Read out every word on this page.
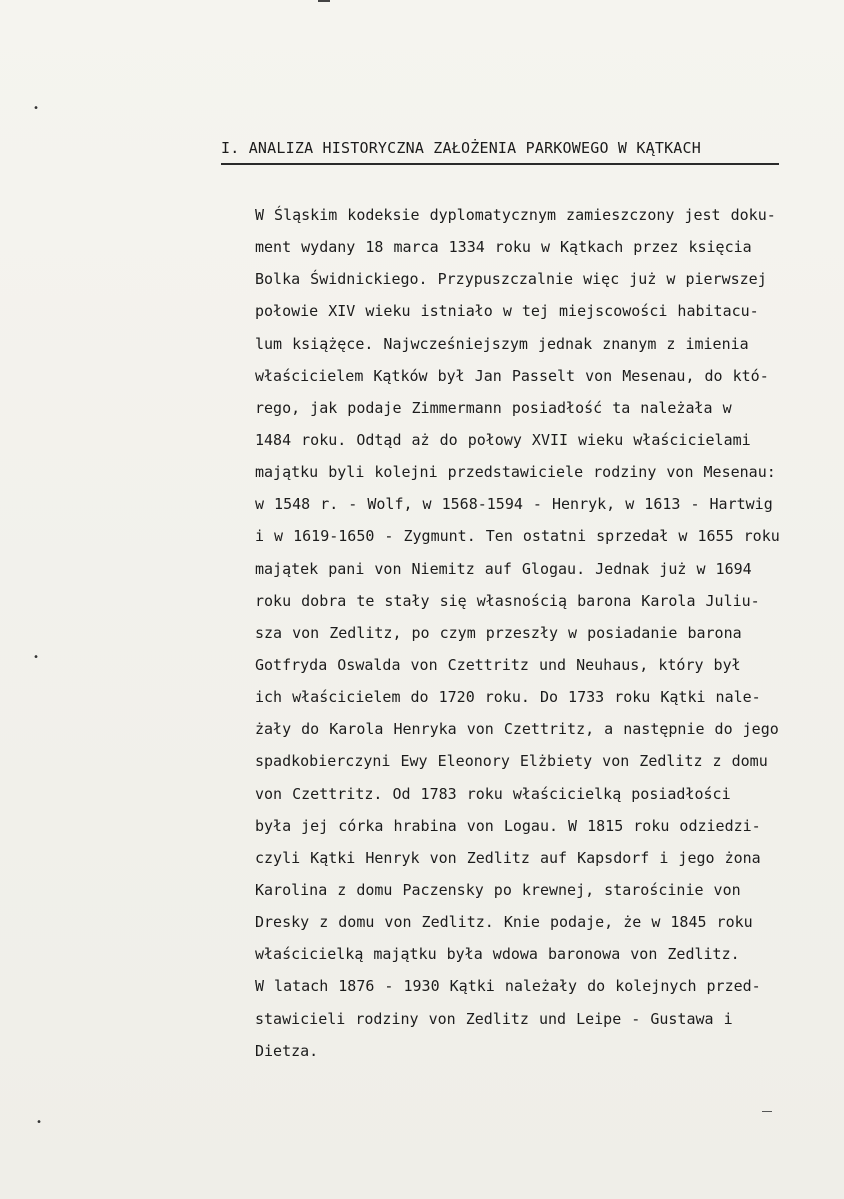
•
•
•
I. ANALIZA HISTORYCZNA ZAŁOŻENIA PARKOWEGO W KĄTKACH
W Śląskim kodeksie dyplomatycznym zamieszczony jest doku-
ment wydany 18 marca 1334 roku w Kątkach przez księcia
Bolka Świdnickiego. Przypuszczalnie więc już w pierwszej
połowie XIV wieku istniało w tej miejscowości habitacu-
lum książęce. Najwcześniejszym jednak znanym z imienia
właścicielem Kątków był Jan Passelt von Mesenau, do któ-
rego, jak podaje Zimmermann posiadłość ta należała w
1484 roku. Odtąd aż do połowy XVII wieku właścicielami
majątku byli kolejni przedstawiciele rodziny von Mesenau:
w 1548 r. - Wolf, w 1568-1594 - Henryk, w 1613 - Hartwig
i w 1619-1650 - Zygmunt. Ten ostatni sprzedał w 1655 roku
majątek pani von Niemitz auf Glogau. Jednak już w 1694
roku dobra te stały się własnością barona Karola Juliu-
sza von Zedlitz, po czym przeszły w posiadanie barona
Gotfryda Oswalda von Czettritz und Neuhaus, który był
ich właścicielem do 1720 roku. Do 1733 roku Kątki nale-
żały do Karola Henryka von Czettritz, a następnie do jego
spadkobierczyni Ewy Eleonory Elżbiety von Zedlitz z domu
von Czettritz. Od 1783 roku właścicielką posiadłości
była jej córka hrabina von Logau. W 1815 roku odziedzi-
czyli Kątki Henryk von Zedlitz auf Kapsdorf i jego żona
Karolina z domu Paczensky po krewnej, starościnie von
Dresky z domu von Zedlitz. Knie podaje, że w 1845 roku
właścicielką majątku była wdowa baronowa von Zedlitz.
W latach 1876 - 1930 Kątki należały do kolejnych przed-
stawicieli rodziny von Zedlitz und Leipe - Gustawa i
Dietza.
